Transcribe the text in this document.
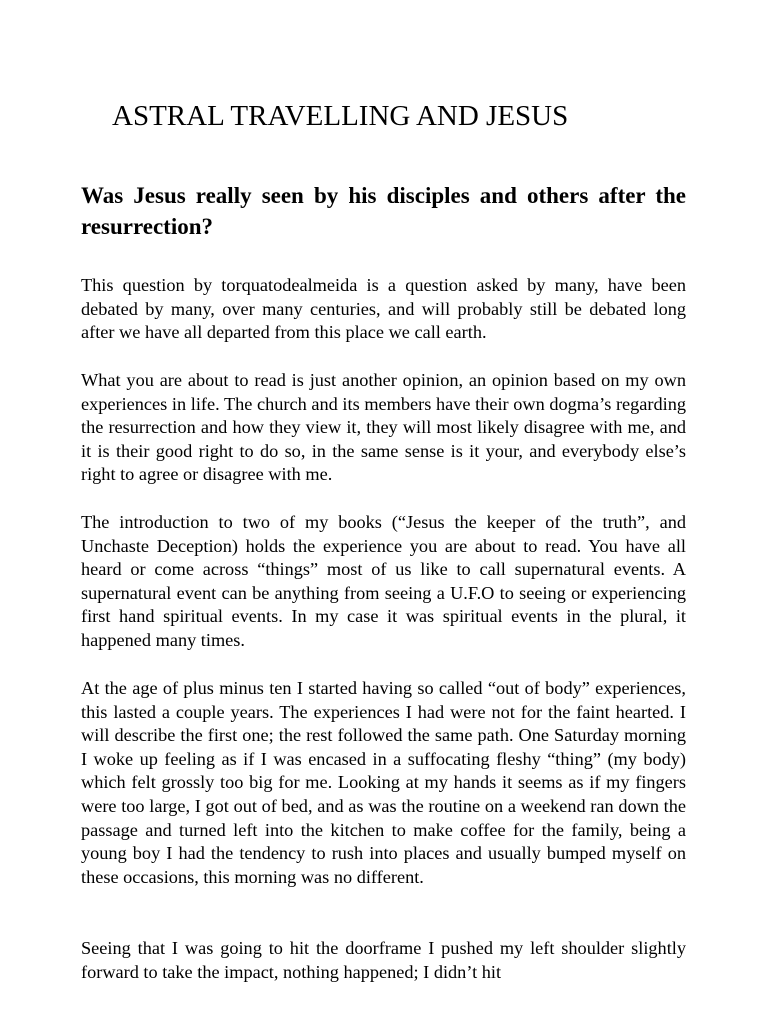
ASTRAL TRAVELLING AND JESUS
Was Jesus really seen by his disciples and others after the resurrection?

This question by torquatodealmeida is a question asked by many, have been debated by many, over many centuries, and will probably still be debated long after we have all departed from this place we call earth.

What you are about to read is just another opinion, an opinion based on my own experiences in life. The church and its members have their own dogma’s regarding the resurrection and how they view it, they will most likely disagree with me, and it is their good right to do so, in the same sense is it your, and everybody else’s right to agree or disagree with me.

The introduction to two of my books (“Jesus the keeper of the truth”, and Unchaste Deception) holds the experience you are about to read. You have all heard or come across “things” most of us like to call supernatural events. A supernatural event can be anything from seeing a U.F.O to seeing or experiencing first hand spiritual events. In my case it was spiritual events in the plural, it happened many times.

At the age of plus minus ten I started having so called “out of body” experiences, this lasted a couple years. The experiences I had were not for the faint hearted. I will describe the first one; the rest followed the same path. One Saturday morning I woke up feeling as if I was encased in a suffocating fleshy “thing” (my body) which felt grossly too big for me. Looking at my hands it seems as if my fingers were too large, I got out of bed, and as was the routine on a weekend ran down the passage and turned left into the kitchen to make coffee for the family, being a young boy I had the tendency to rush into places and usually bumped myself on these occasions, this morning was no different.

Seeing that I was going to hit the doorframe I pushed my left shoulder slightly forward to take the impact, nothing happened; I didn’t hit
